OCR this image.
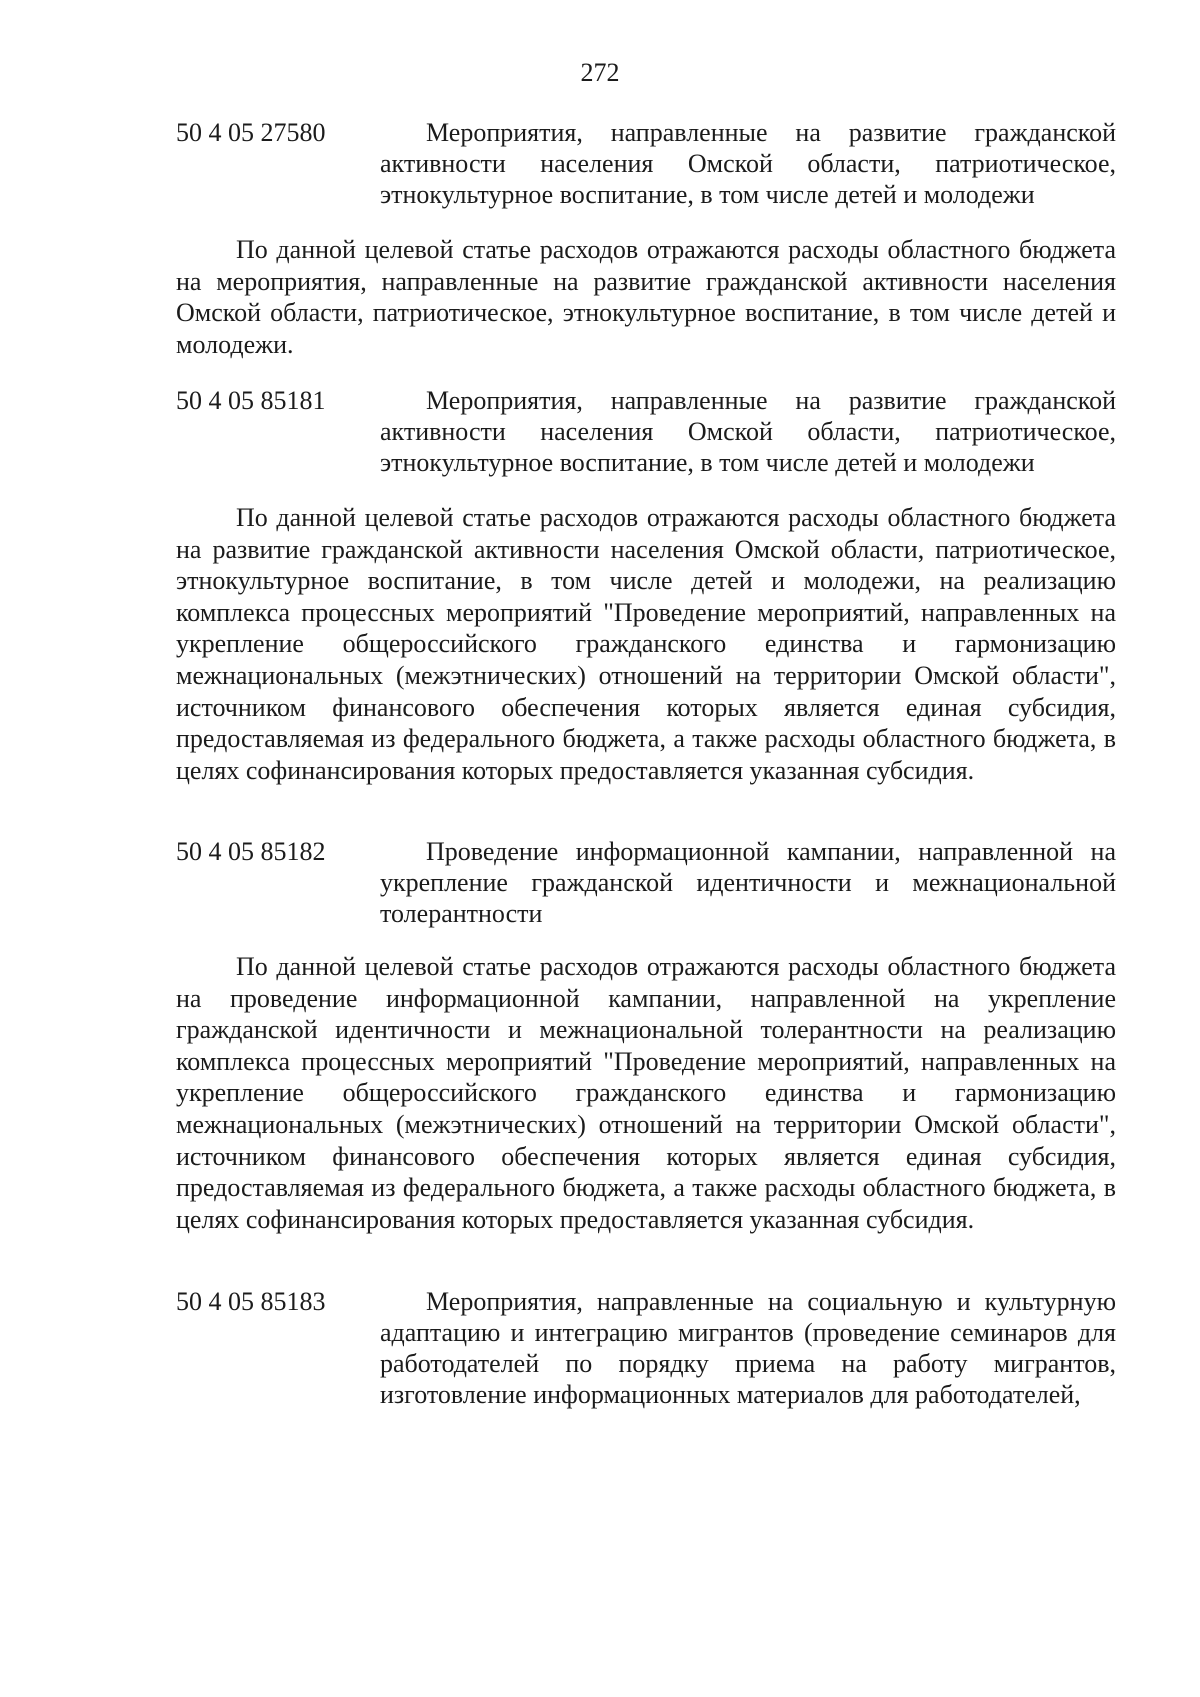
272
50 4 05 27580	Мероприятия, направленные на развитие гражданской активности населения Омской области, патриотическое, этнокультурное воспитание, в том числе детей и молодежи

По данной целевой статье расходов отражаются расходы областного бюджета на мероприятия, направленные на развитие гражданской активности населения Омской области, патриотическое, этнокультурное воспитание, в том числе детей и молодежи.

50 4 05 85181	Мероприятия, направленные на развитие гражданской активности населения Омской области, патриотическое, этнокультурное воспитание, в том числе детей и молодежи

По данной целевой статье расходов отражаются расходы областного бюджета на развитие гражданской активности населения Омской области, патриотическое, этнокультурное воспитание, в том числе детей и молодежи, на реализацию комплекса процессных мероприятий "Проведение мероприятий, направленных на укрепление общероссийского гражданского единства и гармонизацию межнациональных (межэтнических) отношений на территории Омской области", источником финансового обеспечения которых является единая субсидия, предоставляемая из федерального бюджета, а также расходы областного бюджета, в целях софинансирования которых предоставляется указанная субсидия.

50 4 05 85182	Проведение информационной кампании, направленной на укрепление гражданской идентичности и межнациональной толерантности

По данной целевой статье расходов отражаются расходы областного бюджета на проведение информационной кампании, направленной на укрепление гражданской идентичности и межнациональной толерантности на реализацию комплекса процессных мероприятий "Проведение мероприятий, направленных на укрепление общероссийского гражданского единства и гармонизацию межнациональных (межэтнических) отношений на территории Омской области", источником финансового обеспечения которых является единая субсидия, предоставляемая из федерального бюджета, а также расходы областного бюджета, в целях софинансирования которых предоставляется указанная субсидия.

50 4 05 85183	Мероприятия, направленные на социальную и культурную адаптацию и интеграцию мигрантов (проведение семинаров для работодателей по порядку приема на работу мигрантов, изготовление информационных материалов для работодателей,
